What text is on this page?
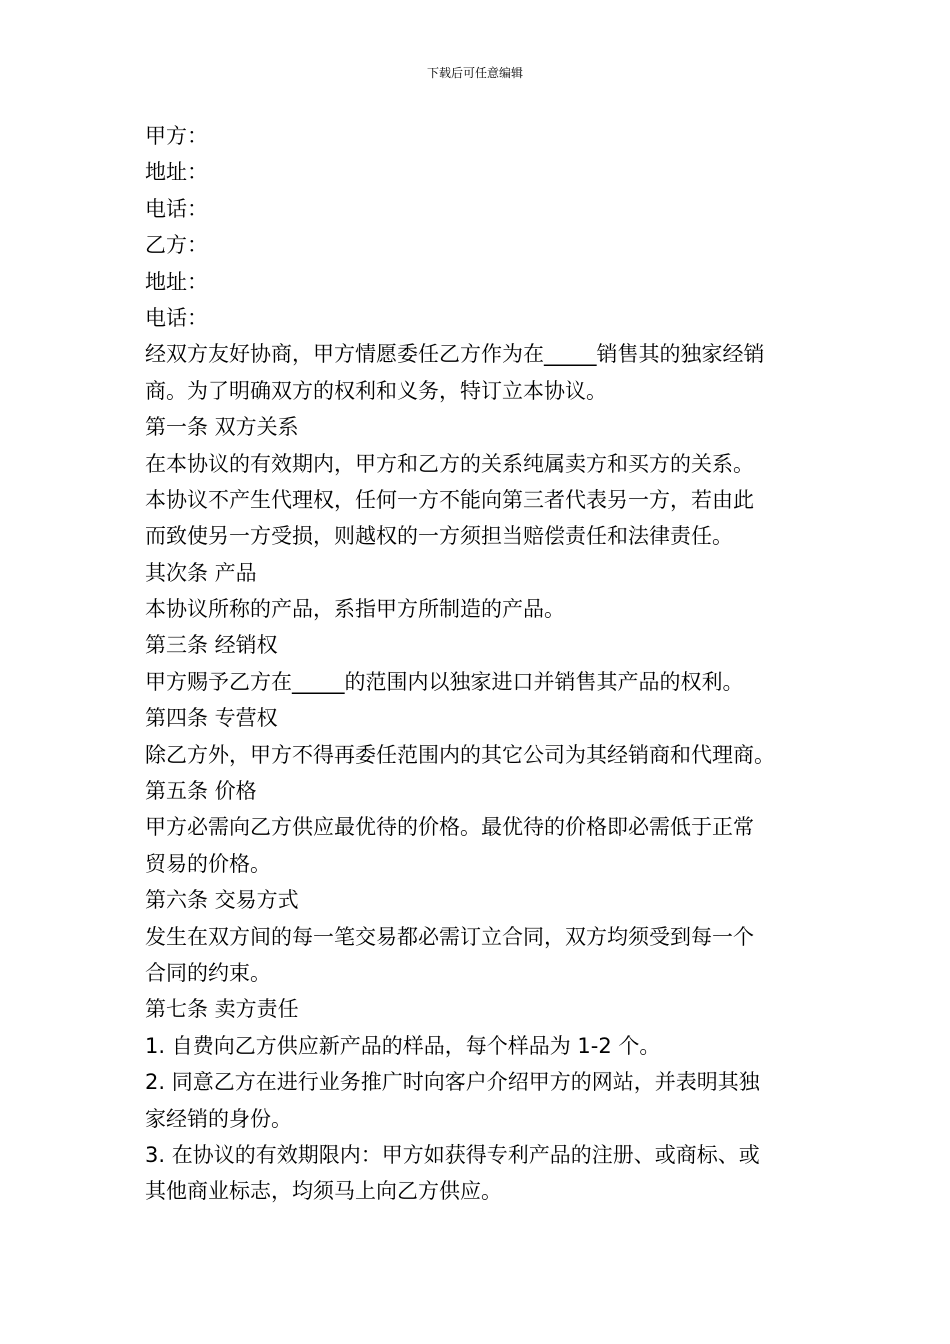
下载后可任意编辑
甲方：
地址：
电话：
乙方：
地址：
电话：
经双方友好协商，甲方情愿委任乙方作为在_____销售其的独家经销
商。为了明确双方的权利和义务，特订立本协议。
第一条 双方关系
在本协议的有效期内，甲方和乙方的关系纯属卖方和买方的关系。
本协议不产生代理权，任何一方不能向第三者代表另一方，若由此
而致使另一方受损，则越权的一方须担当赔偿责任和法律责任。
其次条 产品
本协议所称的产品，系指甲方所制造的产品。
第三条 经销权
甲方赐予乙方在_____的范围内以独家进口并销售其产品的权利。
第四条 专营权
除乙方外，甲方不得再委任范围内的其它公司为其经销商和代理商。
第五条 价格
甲方必需向乙方供应最优待的价格。最优待的价格即必需低于正常
贸易的价格。
第六条 交易方式
发生在双方间的每一笔交易都必需订立合同，双方均须受到每一个
合同的约束。
第七条 卖方责任
1. 自费向乙方供应新产品的样品，每个样品为 1-2 个。
2. 同意乙方在进行业务推广时向客户介绍甲方的网站，并表明其独
家经销的身份。
3. 在协议的有效期限内：甲方如获得专利产品的注册、或商标、或
其他商业标志，均须马上向乙方供应。
